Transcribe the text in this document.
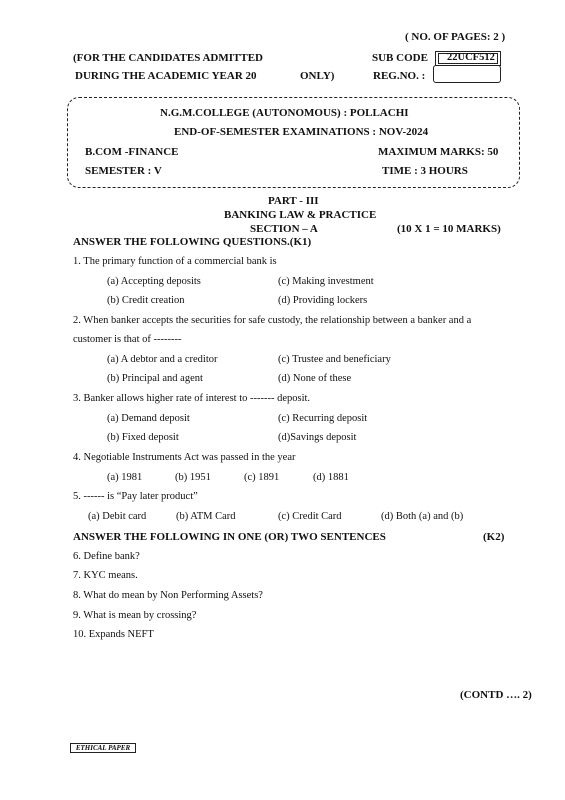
( NO. OF PAGES: 2 )
(FOR THE CANDIDATES ADMITTED
DURING THE ACADEMIC YEAR 20	ONLY)
SUB CODE 22UCF512
REG.NO. :
N.G.M.COLLEGE (AUTONOMOUS) : POLLACHI
END-OF-SEMESTER EXAMINATIONS : NOV-2024
B.COM -FINANCE	MAXIMUM MARKS: 50
SEMESTER : V	TIME : 3 HOURS
PART - III
BANKING LAW & PRACTICE
SECTION – A	(10 X 1 = 10 MARKS)
ANSWER THE FOLLOWING QUESTIONS.(K1)
1. The primary function of a commercial bank is
(a) Accepting deposits	(c) Making investment
(b) Credit creation	(d) Providing lockers
2. When banker accepts the securities for safe custody, the relationship between a banker and a
customer is that of --------
(a) A debtor and a creditor	(c) Trustee and beneficiary
(b) Principal and agent	(d) None of these
3. Banker allows higher rate of interest to ------- deposit.
(a) Demand deposit	(c) Recurring deposit
(b) Fixed deposit	(d)Savings deposit
4. Negotiable Instruments Act was passed in the year
(a) 1981	(b) 1951	(c) 1891	(d) 1881
5. ------ is “Pay later product”
(a) Debit card	(b) ATM Card	(c) Credit Card	(d) Both (a) and (b)
ANSWER THE FOLLOWING IN ONE (OR) TWO SENTENCES	(K2)
6. Define bank?
7. KYC means.
8. What do mean by Non Performing Assets?
9. What is mean by crossing?
10. Expands NEFT
(CONTD …. 2)
ETHICAL PAPER
